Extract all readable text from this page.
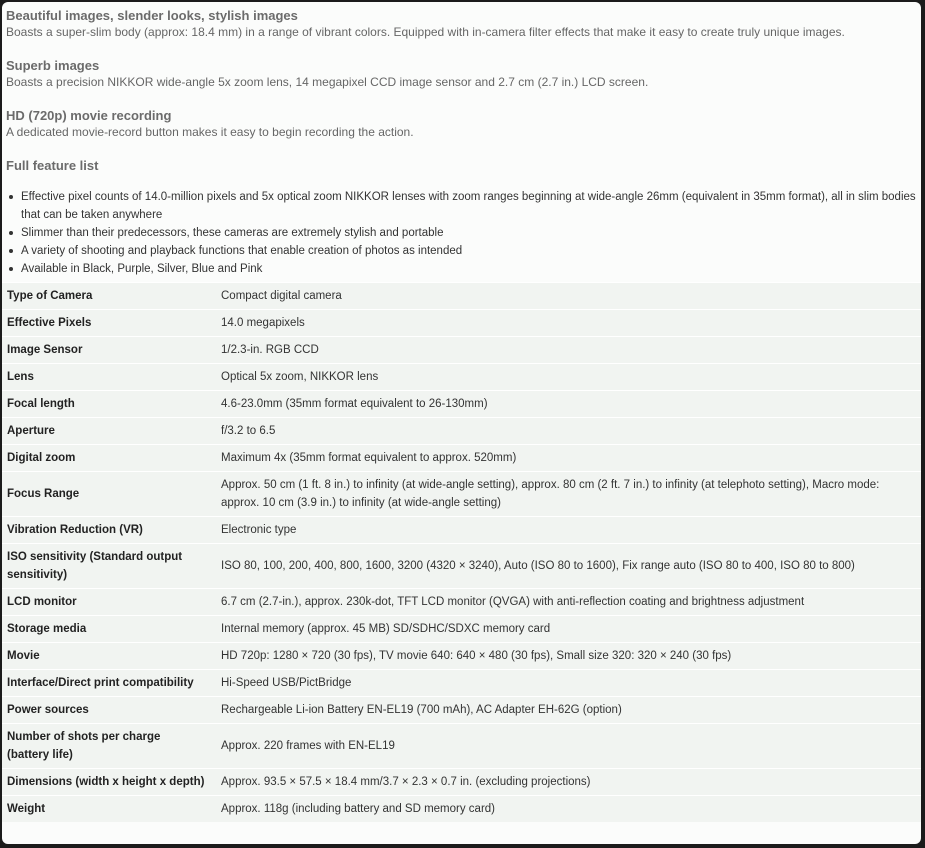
Beautiful images, slender looks, stylish images

Boasts a super-slim body (approx: 18.4 mm) in a range of vibrant colors. Equipped with in-camera filter effects that make it easy to create truly unique images.

Superb images

Boasts a precision NIKKOR wide-angle 5x zoom lens, 14 megapixel CCD image sensor and 2.7 cm (2.7 in.) LCD screen.

HD (720p) movie recording

A dedicated movie-record button makes it easy to begin recording the action.

Full feature list
Effective pixel counts of 14.0-million pixels and 5x optical zoom NIKKOR lenses with zoom ranges beginning at wide-angle 26mm (equivalent in 35mm format), all in slim bodies that can be taken anywhere
Slimmer than their predecessors, these cameras are extremely stylish and portable
A variety of shooting and playback functions that enable creation of photos as intended
Available in Black, Purple, Silver, Blue and Pink
Type of Camera	Compact digital camera
Effective Pixels	14.0 megapixels
Image Sensor	1/2.3-in. RGB CCD
Lens	Optical 5x zoom, NIKKOR lens
Focal length	4.6-23.0mm (35mm format equivalent to 26-130mm)
Aperture	f/3.2 to 6.5
Digital zoom	Maximum 4x (35mm format equivalent to approx. 520mm)
Focus Range	Approx. 50 cm (1 ft. 8 in.) to infinity (at wide-angle setting), approx. 80 cm (2 ft. 7 in.) to infinity (at telephoto setting), Macro mode: approx. 10 cm (3.9 in.) to infinity (at wide-angle setting)
Vibration Reduction (VR)	Electronic type
ISO sensitivity (Standard output sensitivity)	ISO 80, 100, 200, 400, 800, 1600, 3200 (4320 × 3240), Auto (ISO 80 to 1600), Fix range auto (ISO 80 to 400, ISO 80 to 800)
LCD monitor	6.7 cm (2.7-in.), approx. 230k-dot, TFT LCD monitor (QVGA) with anti-reflection coating and brightness adjustment
Storage media	Internal memory (approx. 45 MB) SD/SDHC/SDXC memory card
Movie	HD 720p: 1280 × 720 (30 fps), TV movie 640: 640 × 480 (30 fps), Small size 320: 320 × 240 (30 fps)
Interface/Direct print compatibility	Hi-Speed USB/PictBridge
Power sources	Rechargeable Li-ion Battery EN-EL19 (700 mAh), AC Adapter EH-62G (option)
Number of shots per charge (battery life)	Approx. 220 frames with EN-EL19
Dimensions (width x height x depth)	Approx. 93.5 × 57.5 × 18.4 mm/3.7 × 2.3 × 0.7 in. (excluding projections)
Weight	Approx. 118g (including battery and SD memory card)
